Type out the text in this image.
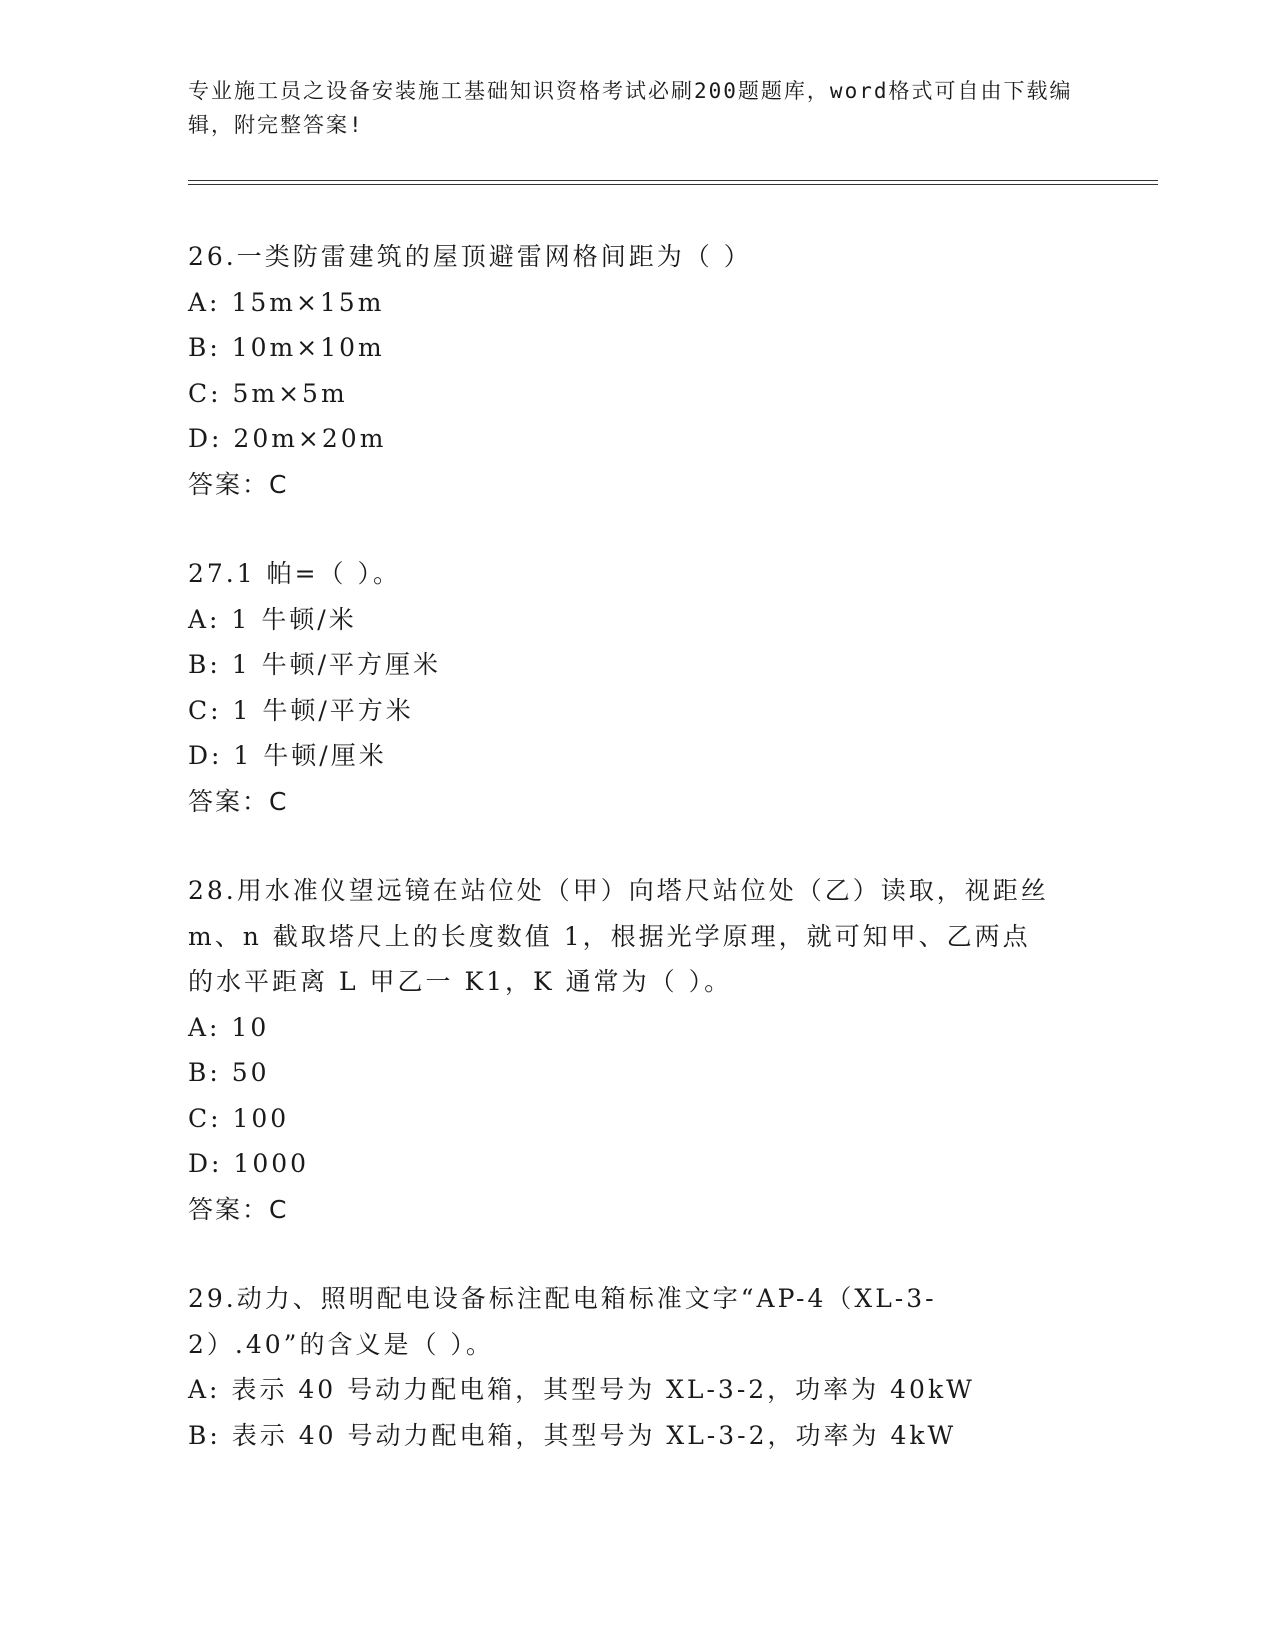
专业施工员之设备安装施工基础知识资格考试必刷200题题库，word格式可自由下载编辑，附完整答案!
26.一类防雷建筑的屋顶避雷网格间距为（ ）
A: 15m×15m
B: 10m×10m
C: 5m×5m
D: 20m×20m
答案：C
27.1 帕=（ ）。
A: 1 牛顿/米
B: 1 牛顿/平方厘米
C: 1 牛顿/平方米
D: 1 牛顿/厘米
答案：C
28.用水准仪望远镜在站位处（甲）向塔尺站位处（乙）读取，视距丝m、n 截取塔尺上的长度数值 1，根据光学原理，就可知甲、乙两点的水平距离 L 甲乙一 K1，K 通常为（ ）。
A: 10
B: 50
C: 100
D: 1000
答案：C
29.动力、照明配电设备标注配电箱标准文字“AP-4（XL-3-2）.40”的含义是（ ）。
A: 表示 40 号动力配电箱，其型号为 XL-3-2，功率为 40kW
B: 表示 40 号动力配电箱，其型号为 XL-3-2，功率为 4kW
